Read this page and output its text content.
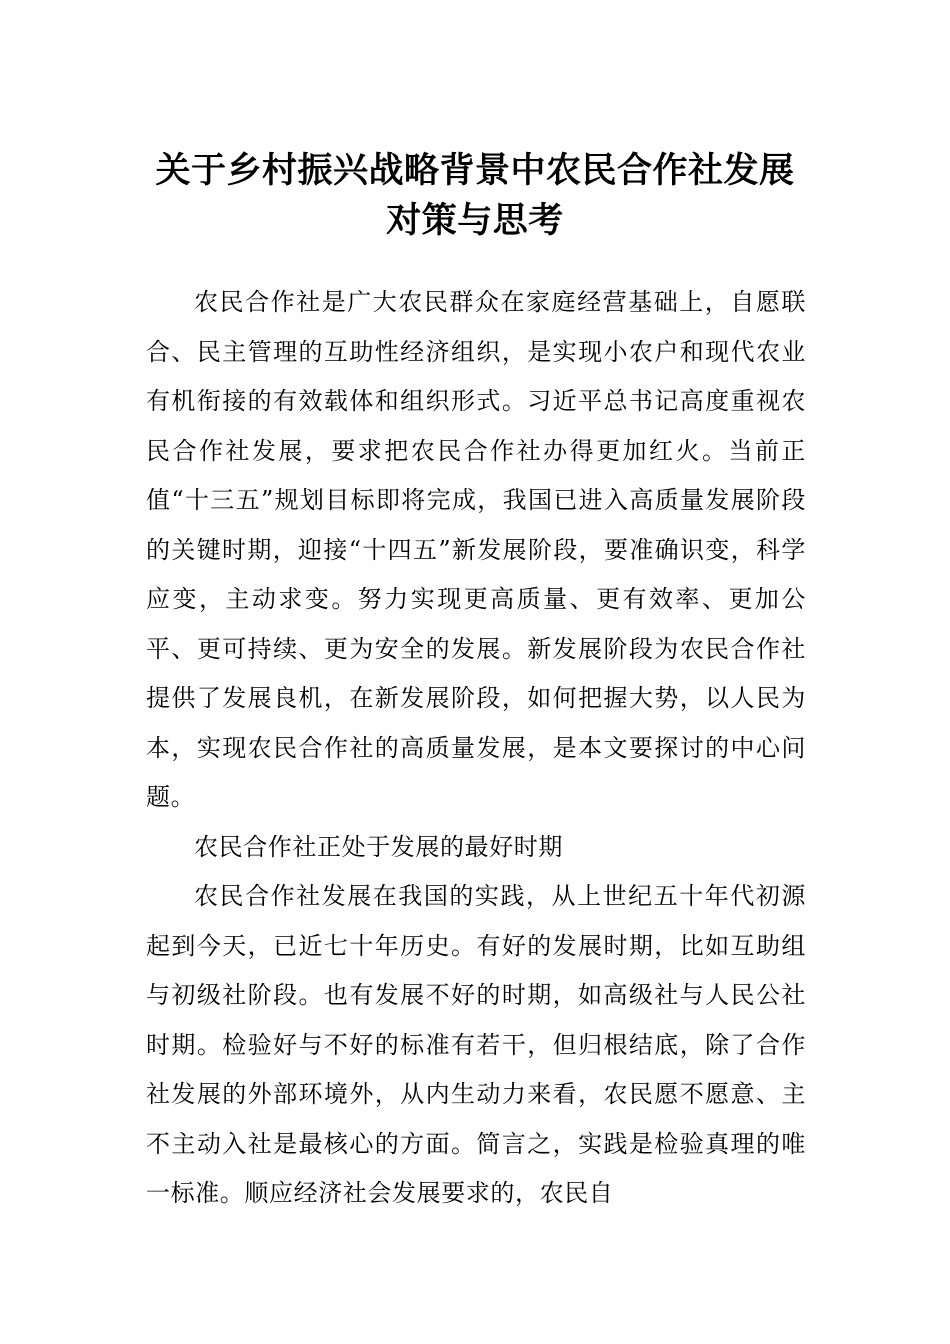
关于乡村振兴战略背景中农民合作社发展
对策与思考

农民合作社是广大农民群众在家庭经营基础上，自愿联合、民主管理的互助性经济组织，是实现小农户和现代农业有机衔接的有效载体和组织形式。习近平总书记高度重视农民合作社发展，要求把农民合作社办得更加红火。当前正值“十三五”规划目标即将完成，我国已进入高质量发展阶段的关键时期，迎接“十四五”新发展阶段，要准确识变，科学应变，主动求变。努力实现更高质量、更有效率、更加公平、更可持续、更为安全的发展。新发展阶段为农民合作社提供了发展良机，在新发展阶段，如何把握大势，以人民为本，实现农民合作社的高质量发展，是本文要探讨的中心问题。

农民合作社正处于发展的最好时期

农民合作社发展在我国的实践，从上世纪五十年代初源起到今天，已近七十年历史。有好的发展时期，比如互助组与初级社阶段。也有发展不好的时期，如高级社与人民公社时期。检验好与不好的标准有若干，但归根结底，除了合作社发展的外部环境外，从内生动力来看，农民愿不愿意、主不主动入社是最核心的方面。简言之，实践是检验真理的唯一标准。顺应经济社会发展要求的，农民自
